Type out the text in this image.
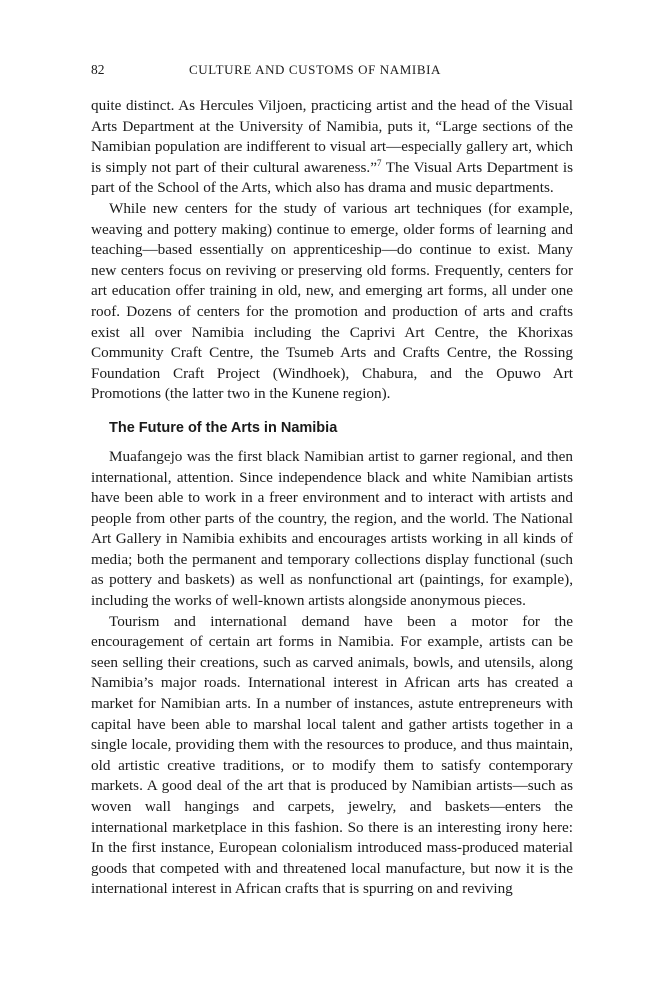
82	CULTURE AND CUSTOMS OF NAMIBIA

quite distinct. As Hercules Viljoen, practicing artist and the head of the Visual Arts Department at the University of Namibia, puts it, “Large sections of the Namibian population are indifferent to visual art—especially gallery art, which is simply not part of their cultural awareness.”$^7$ The Visual Arts Department is part of the School of the Arts, which also has drama and music departments.

While new centers for the study of various art techniques (for example, weaving and pottery making) continue to emerge, older forms of learning and teaching—based essentially on apprenticeship—do continue to exist. Many new centers focus on reviving or preserving old forms. Frequently, centers for art education offer training in old, new, and emerging art forms, all under one roof. Dozens of centers for the promotion and production of arts and crafts exist all over Namibia including the Caprivi Art Centre, the Khorixas Community Craft Centre, the Tsumeb Arts and Crafts Centre, the Rossing Foundation Craft Project (Windhoek), Chabura, and the Opuwo Art Promotions (the latter two in the Kunene region).

The Future of the Arts in Namibia

Muafangejo was the first black Namibian artist to garner regional, and then international, attention. Since independence black and white Namibian artists have been able to work in a freer environment and to interact with artists and people from other parts of the country, the region, and the world. The National Art Gallery in Namibia exhibits and encourages artists working in all kinds of media; both the permanent and temporary collections display functional (such as pottery and baskets) as well as nonfunctional art (paintings, for example), including the works of well-known artists alongside anonymous pieces.

Tourism and international demand have been a motor for the encouragement of certain art forms in Namibia. For example, artists can be seen selling their creations, such as carved animals, bowls, and utensils, along Namibia’s major roads. International interest in African arts has created a market for Namibian arts. In a number of instances, astute entrepreneurs with capital have been able to marshal local talent and gather artists together in a single locale, providing them with the resources to produce, and thus maintain, old artistic creative traditions, or to modify them to satisfy contemporary markets. A good deal of the art that is produced by Namibian artists—such as woven wall hangings and carpets, jewelry, and baskets—enters the international marketplace in this fashion. So there is an interesting irony here: In the first instance, European colonialism introduced mass-produced material goods that competed with and threatened local manufacture, but now it is the international interest in African crafts that is spurring on and reviving
